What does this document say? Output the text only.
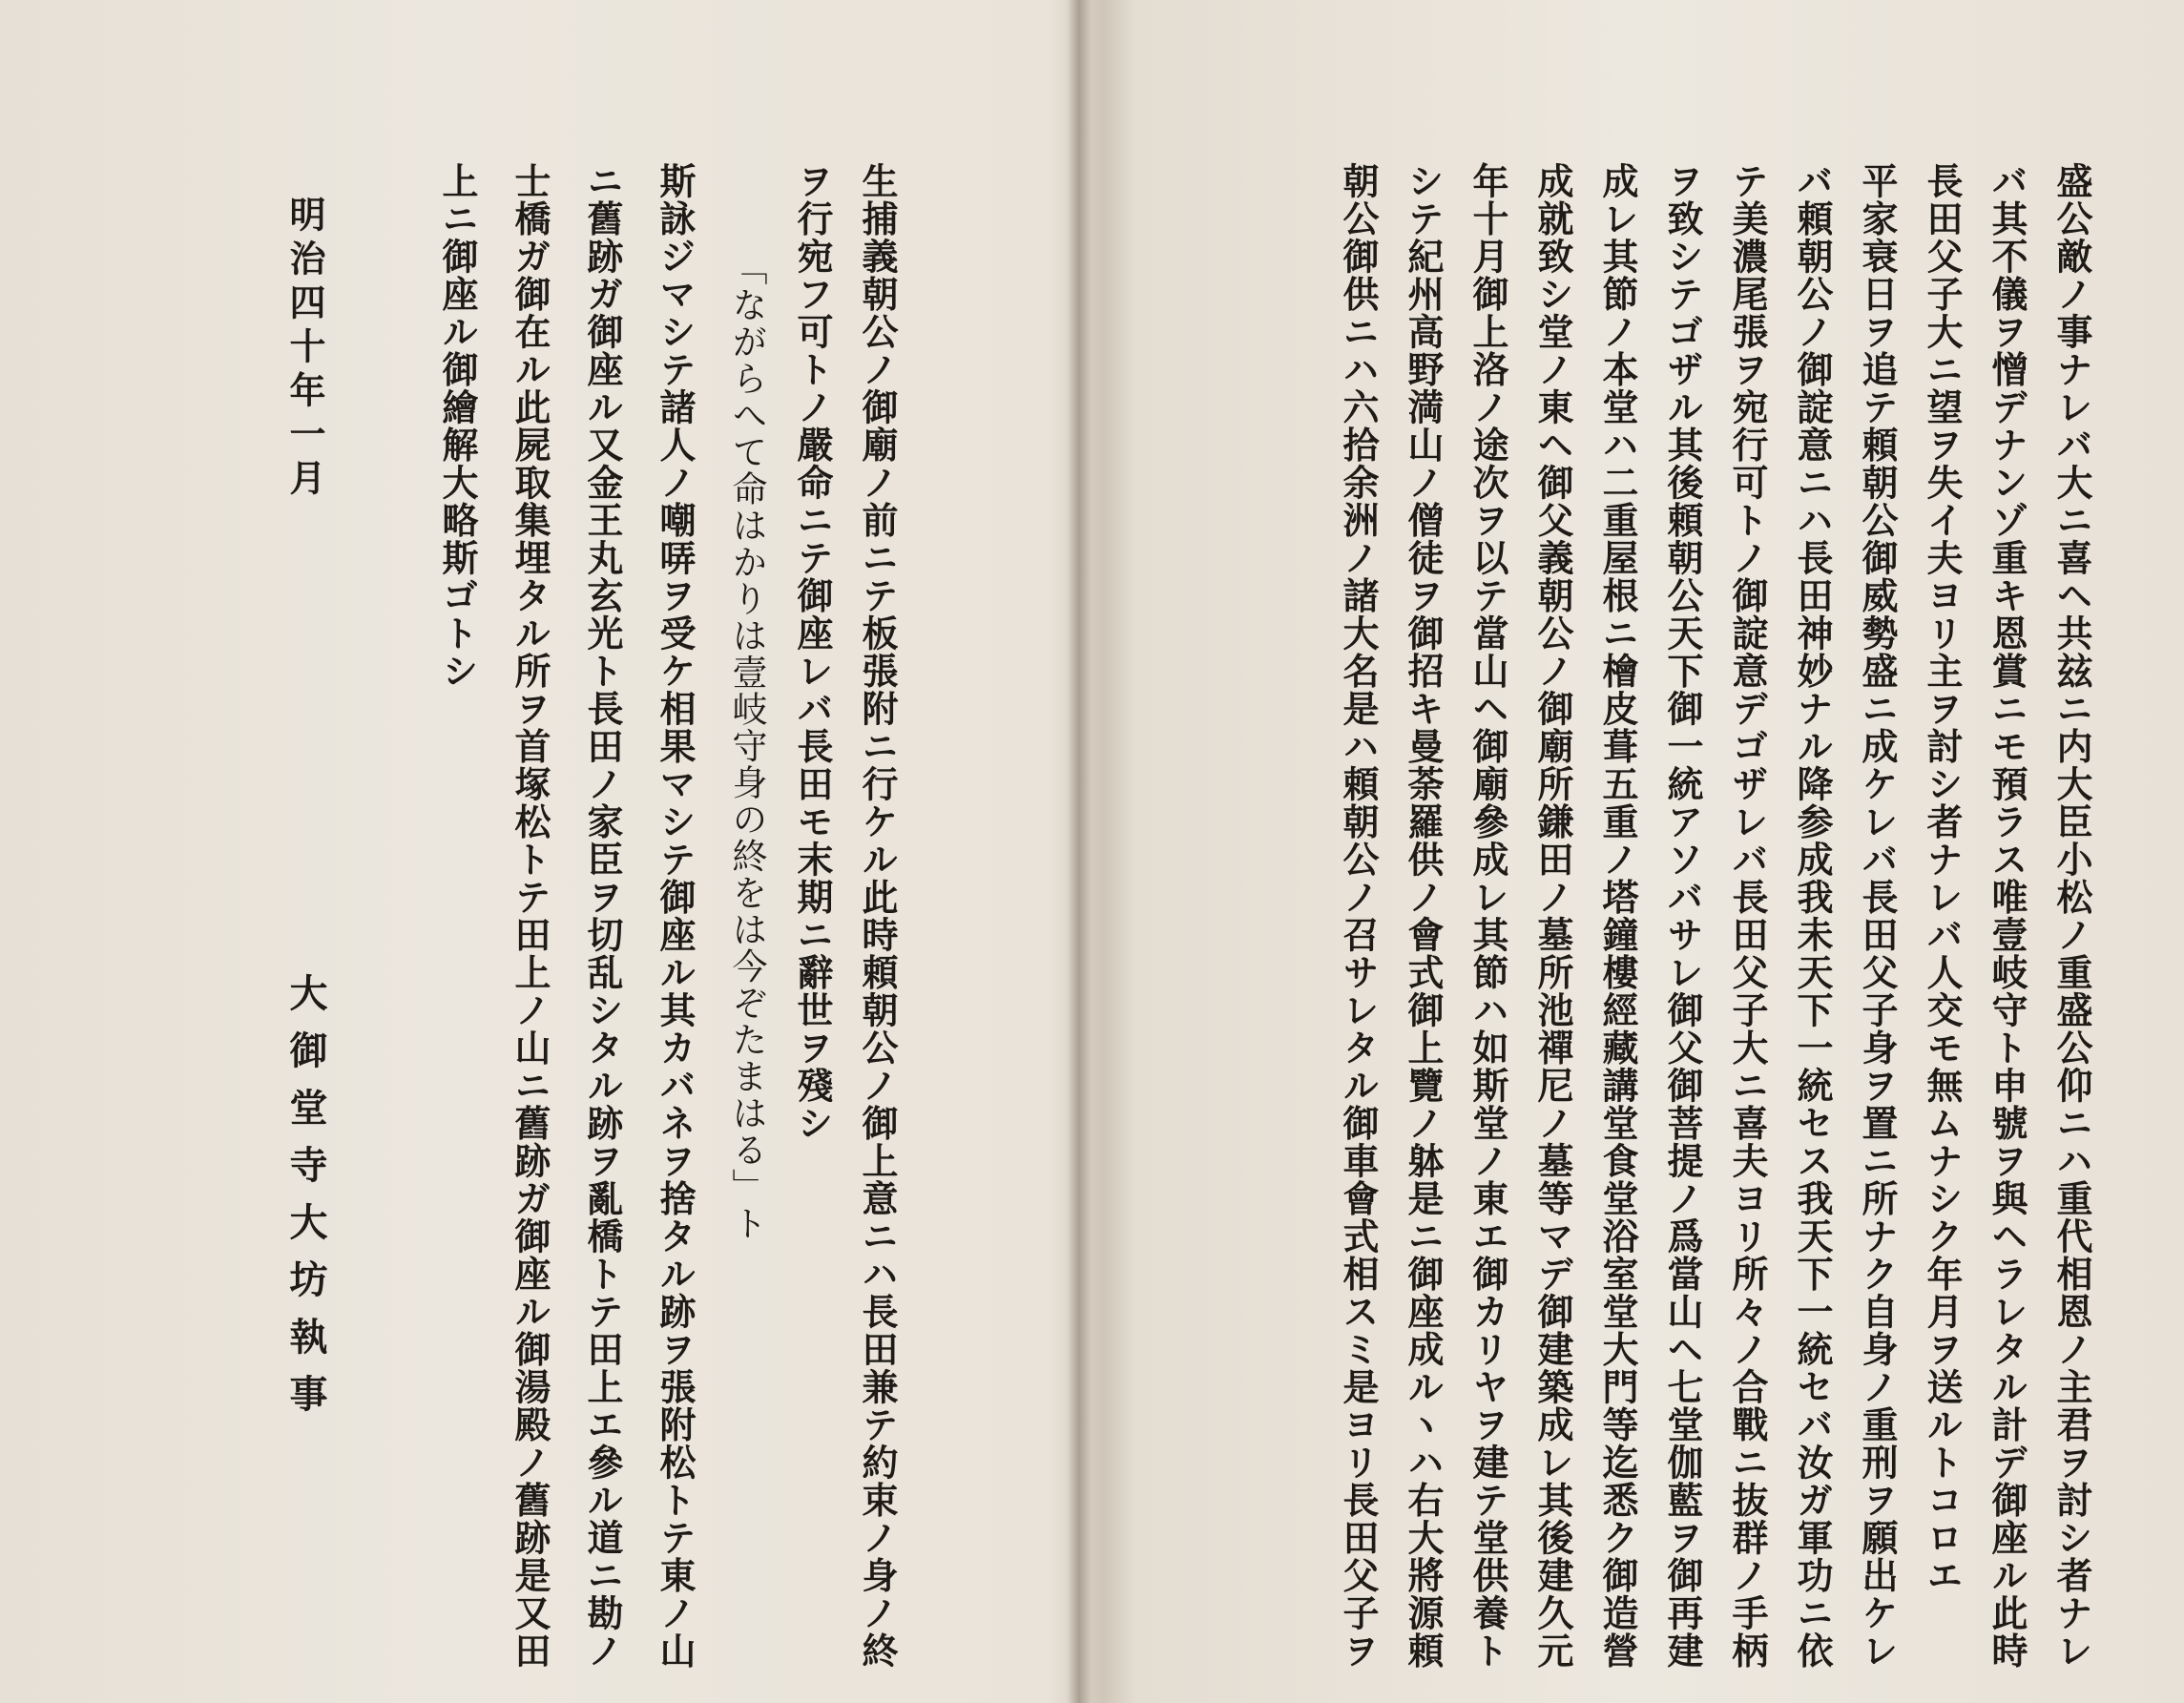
盛公敵ノ事ナレバ大ニ喜ヘ共玆ニ内大臣小松ノ重盛公仰ニハ重代相恩ノ主君ヲ討シ者ナレ
バ其不儀ヲ憎デナンゾ重キ恩賞ニモ預ラス唯壹岐守ト申號ヲ與ヘラレタル計デ御座ル此時
長田父子大ニ望ヲ失イ夫ヨリ主ヲ討シ者ナレバ人交モ無ムナシク年月ヲ送ルトコロエ
平家衰日ヲ追テ頼朝公御威勢盛ニ成ケレバ長田父子身ヲ置ニ所ナク自身ノ重刑ヲ願出ケレ
バ頼朝公ノ御諚意ニハ長田神妙ナル降参成我未天下一統セス我天下一統セバ汝ガ軍功ニ依
テ美濃尾張ヲ宛行可トノ御諚意デゴザレバ長田父子大ニ喜夫ヨリ所々ノ合戰ニ抜群ノ手柄
ヲ致シテゴザル其後頼朝公天下御一統アソバサレ御父御菩提ノ爲當山ヘ七堂伽藍ヲ御再建
成レ其節ノ本堂ハ二重屋根ニ檜皮葺五重ノ塔鐘樓經藏講堂食堂浴室堂大門等迄悉ク御造營
成就致シ堂ノ東ヘ御父義朝公ノ御廟所鎌田ノ墓所池禪尼ノ墓等マデ御建築成レ其後建久元
年十月御上洛ノ途次ヲ以テ當山ヘ御廟參成レ其節ハ如斯堂ノ東エ御カリヤヲ建テ堂供養ト
シテ紀州高野満山ノ僧徒ヲ御招キ曼荼羅供ノ會式御上覽ノ躰是ニ御座成ルヽハ右大將源頼
朝公御供ニハ六拾余洲ノ諸大名是ハ頼朝公ノ召サレタル御車會式相スミ是ヨリ長田父子ヲ
生捕義朝公ノ御廟ノ前ニテ板張附ニ行ケル此時頼朝公ノ御上意ニハ長田兼テ約束ノ身ノ終
ヲ行宛フ可トノ嚴命ニテ御座レバ長田モ末期ニ辭世ヲ殘シ
「ながらへて命はかりは壹岐守身の終をは今ぞたまはる」ト
斯詠ジマシテ諸人ノ嘲哢ヲ受ケ相果マシテ御座ル其カバネヲ捨タル跡ヲ張附松トテ東ノ山
ニ舊跡ガ御座ル又金王丸玄光ト長田ノ家臣ヲ切乱シタル跡ヲ亂橋トテ田上エ參ル道ニ勘ノ
士橋ガ御在ル此屍取集埋タル所ヲ首塚松トテ田上ノ山ニ舊跡ガ御座ル御湯殿ノ舊跡是又田
上ニ御座ル御繪解大略斯ゴトシ
明治四十年一月
大御堂寺大坊執事
